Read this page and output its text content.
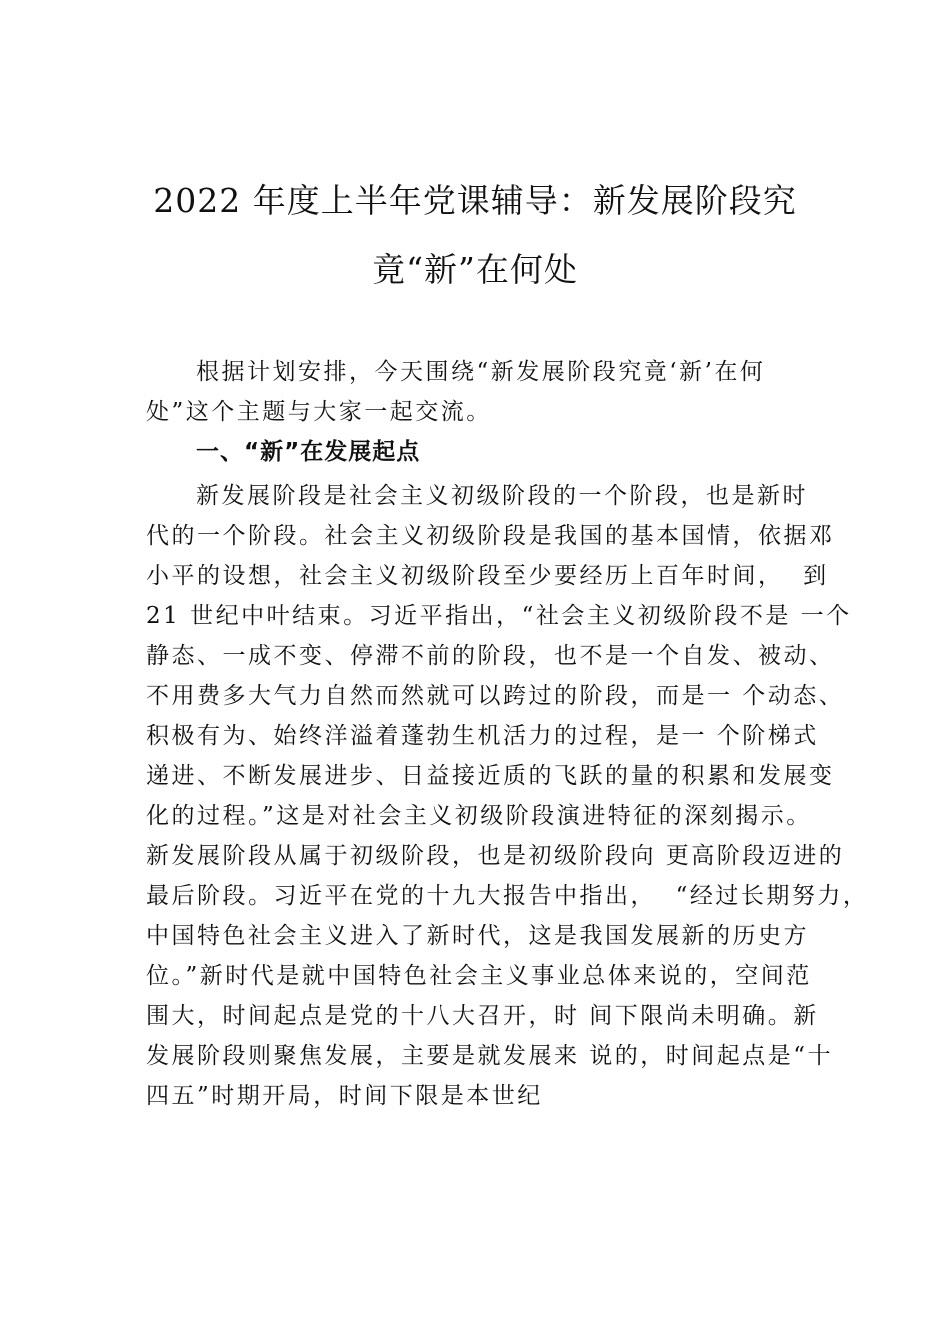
2022 年度上半年党课辅导：新发展阶段究
竟“新”在何处
根据计划安排，今天围绕“新发展阶段究竟‘新’在何
处”这个主题与大家一起交流。
一、“新”在发展起点
新发展阶段是社会主义初级阶段的一个阶段，也是新时
代的一个阶段。社会主义初级阶段是我国的基本国情，依据邓
小平的设想，社会主义初级阶段至少要经历上百年时间，  到
21 世纪中叶结束。习近平指出，“社会主义初级阶段不是 一个
静态、一成不变、停滞不前的阶段，也不是一个自发、被动、
不用费多大气力自然而然就可以跨过的阶段，而是一 个动态、
积极有为、始终洋溢着蓬勃生机活力的过程，是一 个阶梯式
递进、不断发展进步、日益接近质的飞跃的量的积累和发展变
化的过程。”这是对社会主义初级阶段演进特征的深刻揭示。
新发展阶段从属于初级阶段，也是初级阶段向 更高阶段迈进的
最后阶段。习近平在党的十九大报告中指出，  “经过长期努力，
中国特色社会主义进入了新时代，这是我国发展新的历史方
位。”新时代是就中国特色社会主义事业总体来说的，空间范
围大，时间起点是党的十八大召开，时 间下限尚未明确。新
发展阶段则聚焦发展，主要是就发展来 说的，时间起点是“十
四五”时期开局，时间下限是本世纪
